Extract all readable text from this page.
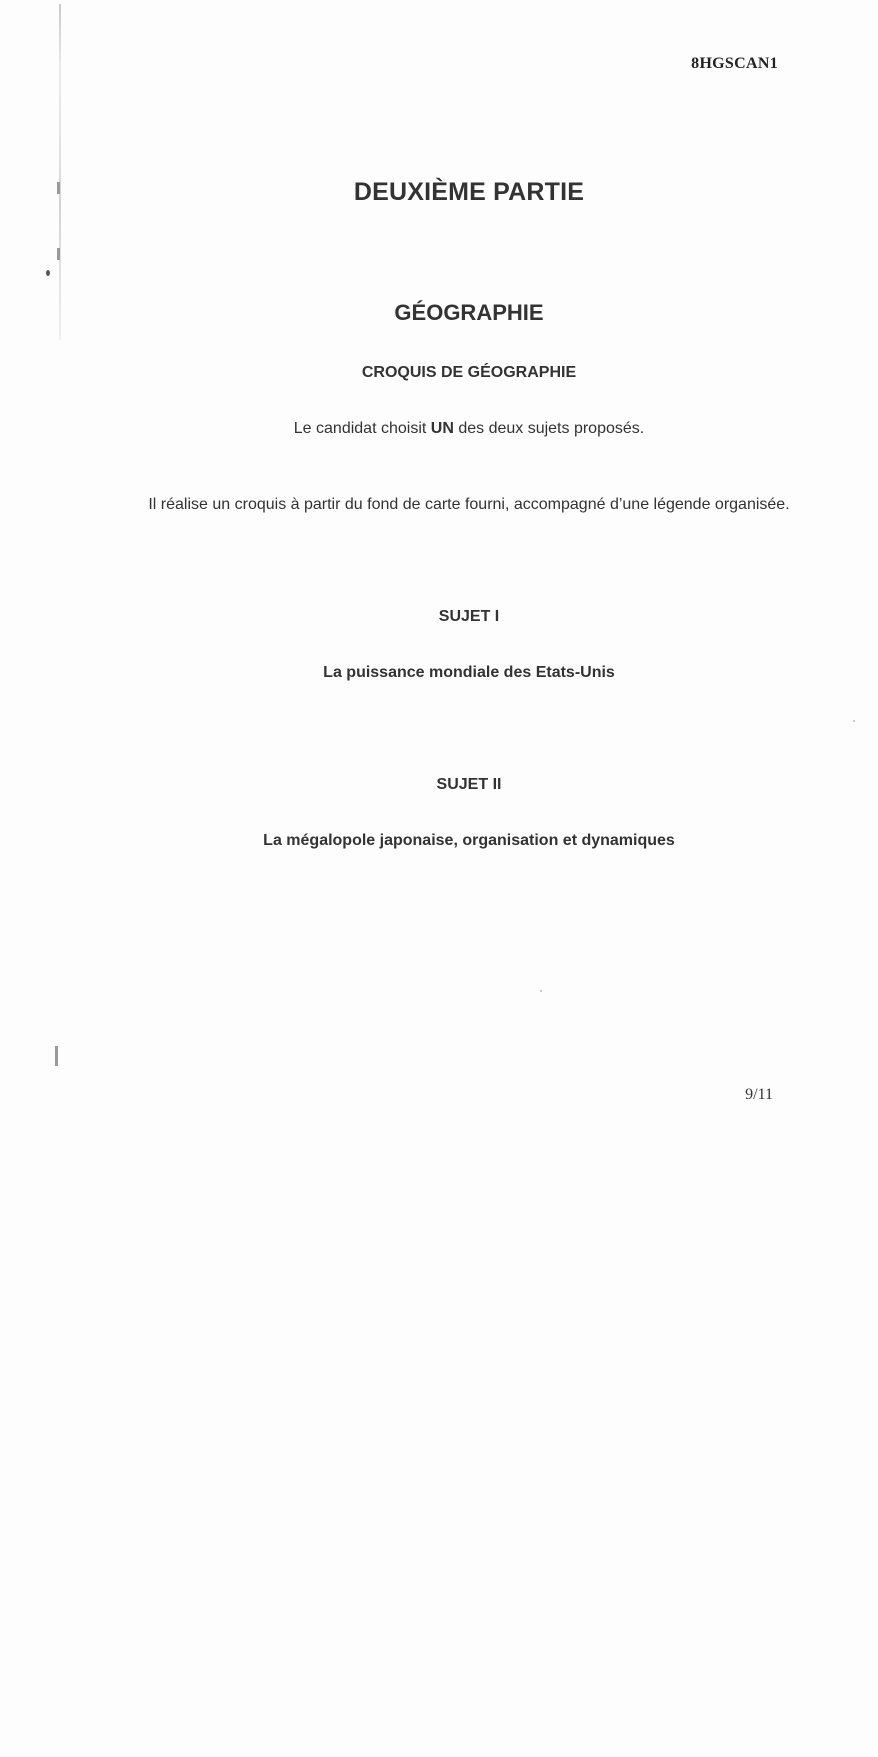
8HGSCAN1
DEUXIÈME PARTIE
GÉOGRAPHIE
CROQUIS DE GÉOGRAPHIE
Le candidat choisit UN des deux sujets proposés.
Il réalise un croquis à partir du fond de carte fourni, accompagné d’une légende organisée.
SUJET I
La puissance mondiale des Etats-Unis
SUJET II
La mégalopole japonaise, organisation et dynamiques
9/11
